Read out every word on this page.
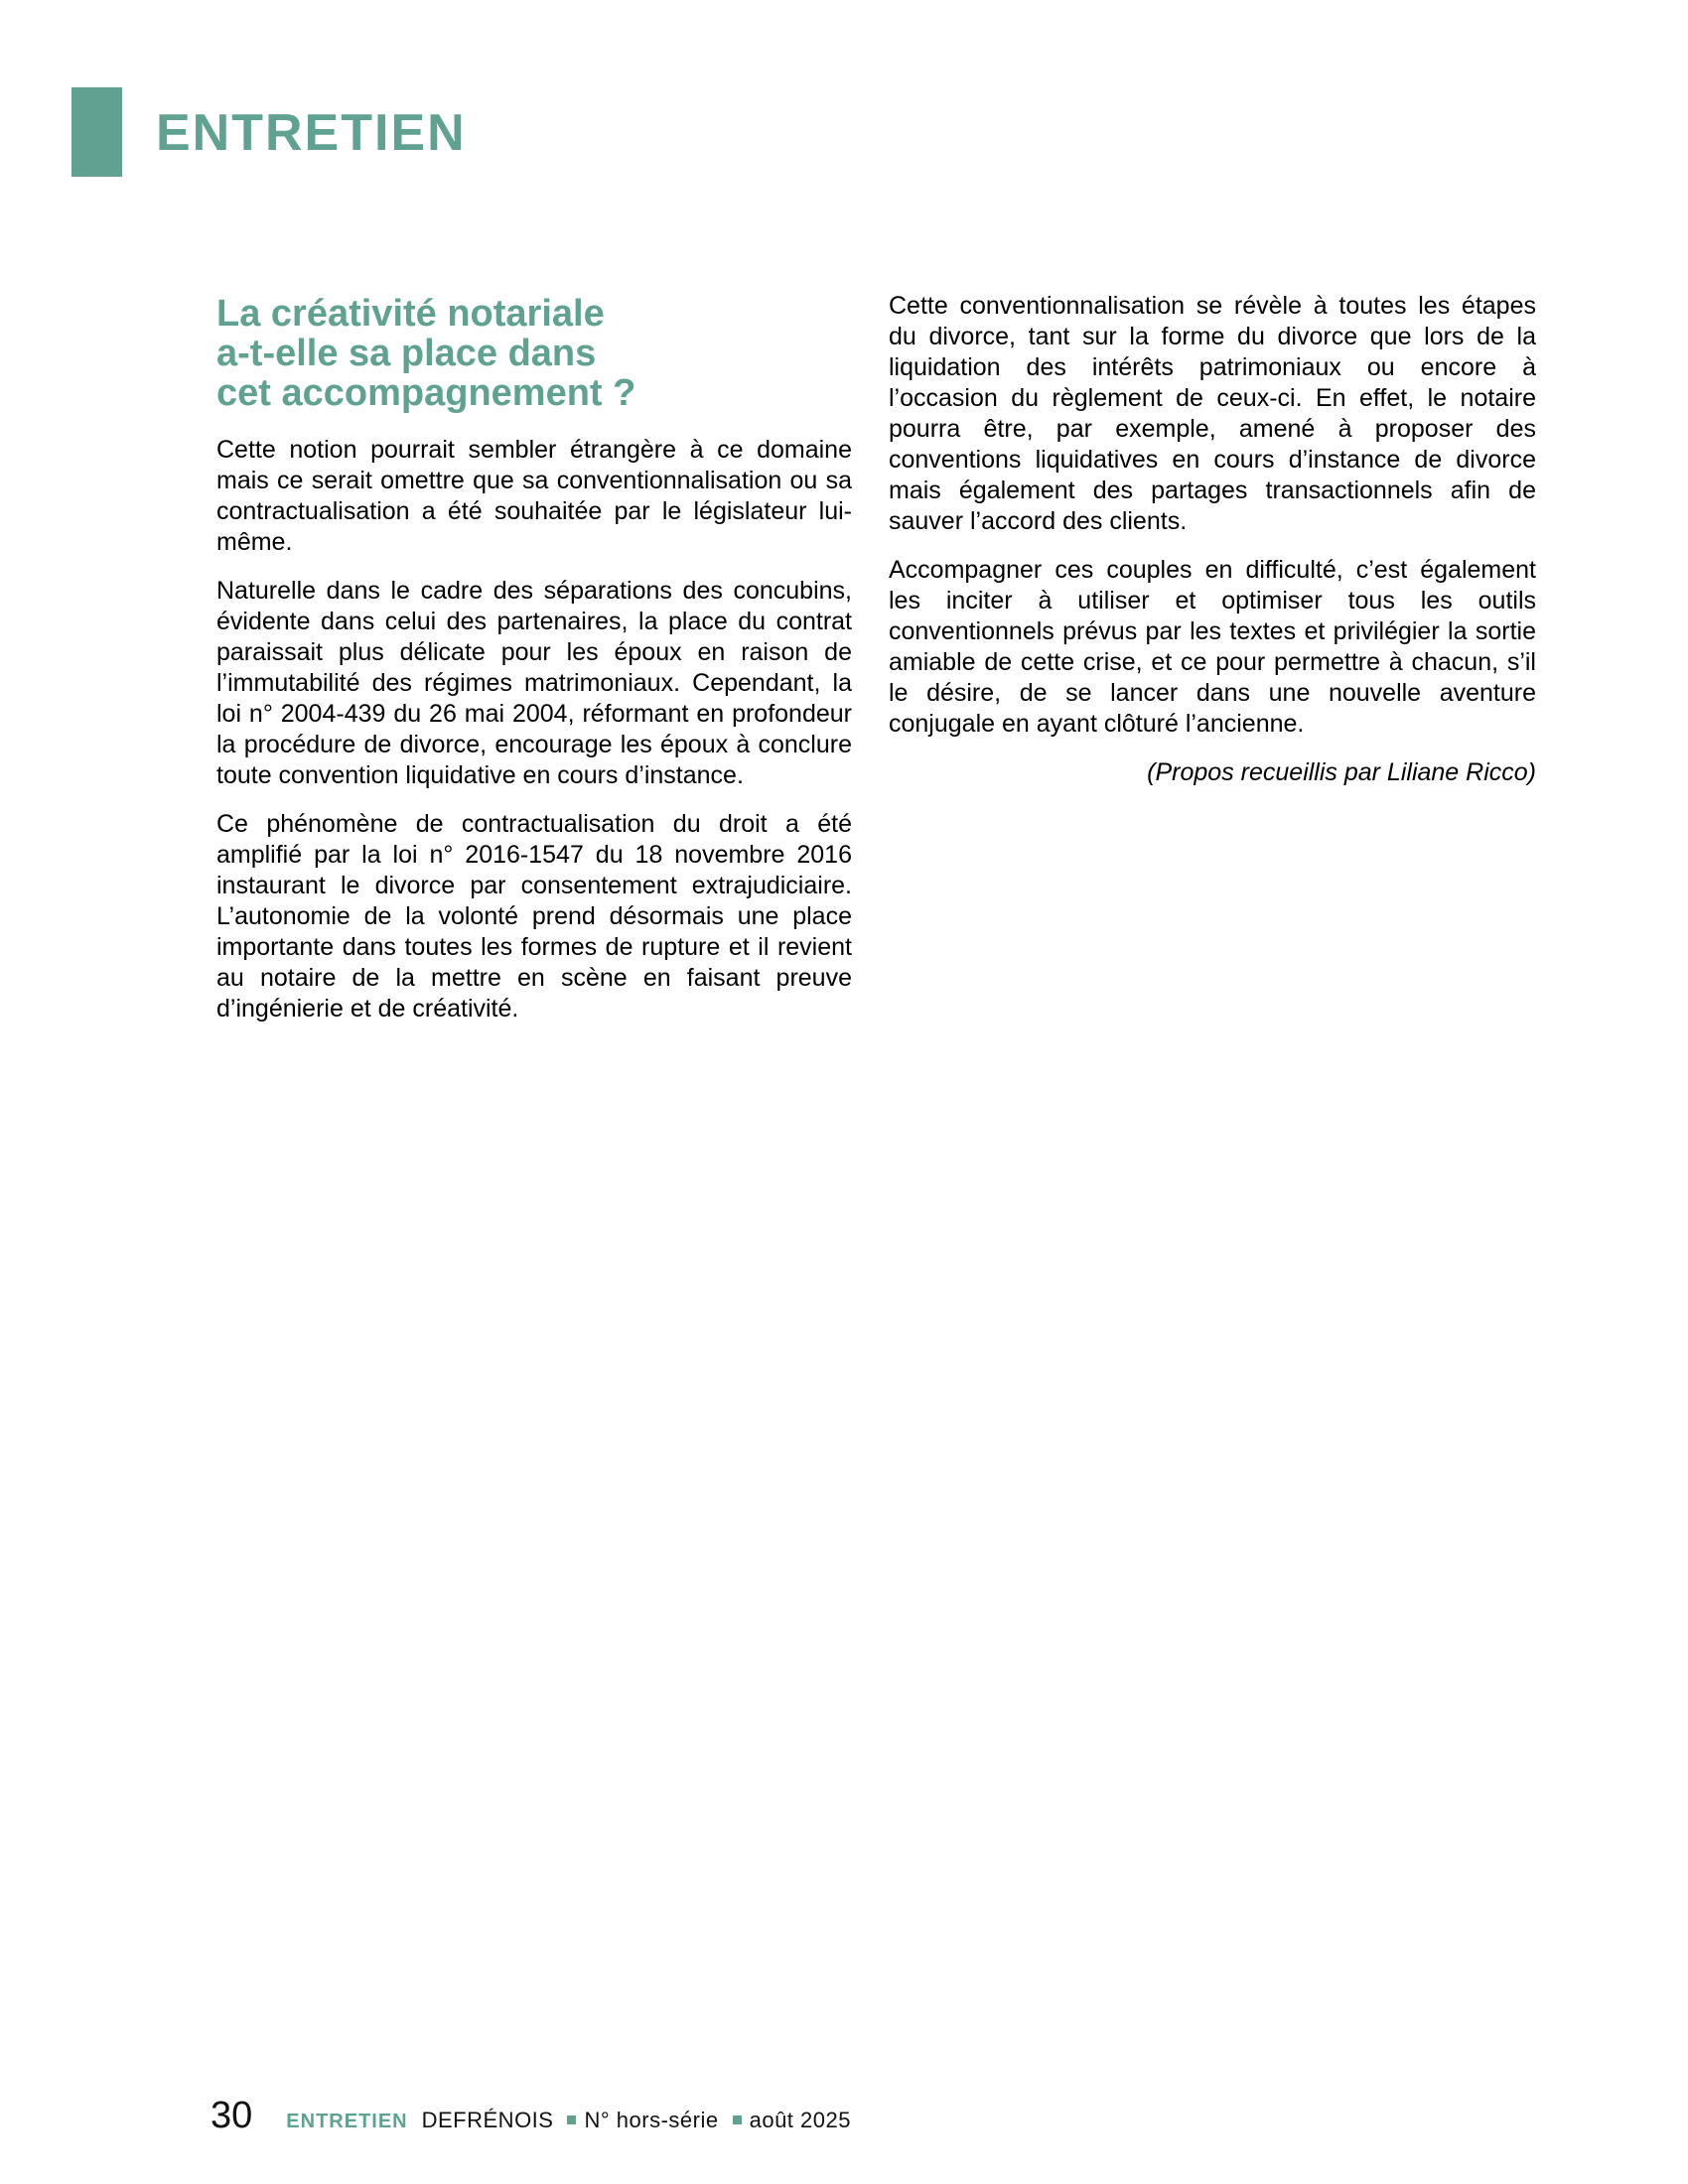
ENTRETIEN
La créativité notariale
a-t-elle sa place dans
cet accompagnement ?

Cette notion pourrait sembler étrangère à ce domaine mais ce serait omettre que sa conventionnalisation ou sa contractualisation a été souhaitée par le législateur lui-même.

Naturelle dans le cadre des séparations des concubins, évidente dans celui des partenaires, la place du contrat paraissait plus délicate pour les époux en raison de l’immutabilité des régimes matrimoniaux. Cependant, la loi n° 2004-439 du 26 mai 2004, réformant en profondeur la procédure de divorce, encourage les époux à conclure toute convention liquidative en cours d’instance.

Ce phénomène de contractualisation du droit a été amplifié par la loi n° 2016-1547 du 18 novembre 2016 instaurant le divorce par consentement extrajudiciaire. L’autonomie de la volonté prend désormais une place importante dans toutes les formes de rupture et il revient au notaire de la mettre en scène en faisant preuve d’ingénierie et de créativité.

Cette conventionnalisation se révèle à toutes les étapes du divorce, tant sur la forme du divorce que lors de la liquidation des intérêts patrimoniaux ou encore à l’occasion du règlement de ceux-ci. En effet, le notaire pourra être, par exemple, amené à proposer des conventions liquidatives en cours d’instance de divorce mais également des partages transactionnels afin de sauver l’accord des clients.

Accompagner ces couples en difficulté, c’est également les inciter à utiliser et optimiser tous les outils conventionnels prévus par les textes et privilégier la sortie amiable de cette crise, et ce pour permettre à chacun, s’il le désire, de se lancer dans une nouvelle aventure conjugale en ayant clôturé l’ancienne.

(Propos recueillis par Liliane Ricco)
30 ENTRETIEN DEFRÉNOIS N° hors-série août 2025
